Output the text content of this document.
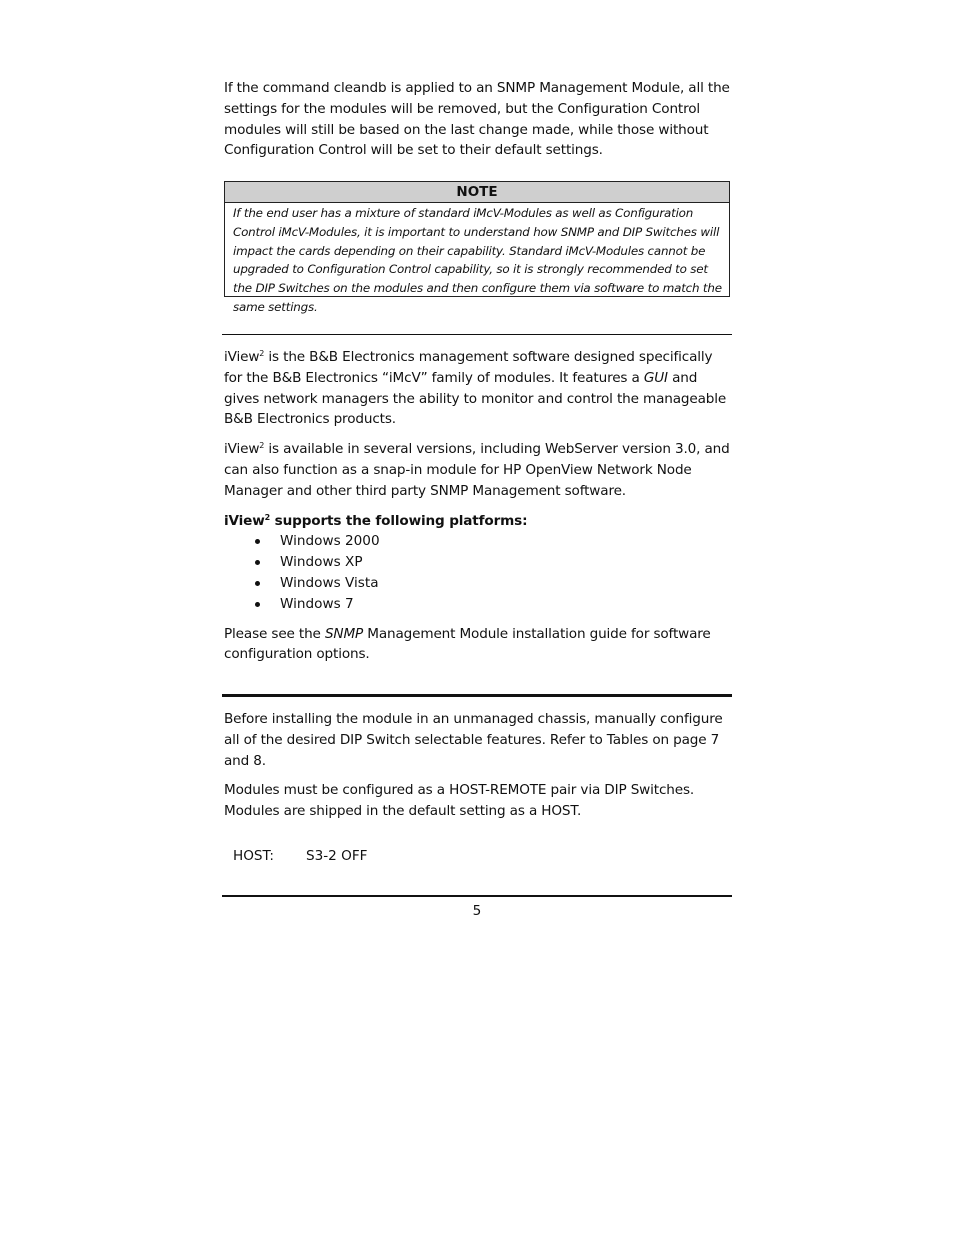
If the command cleandb is applied to an SNMP Management Module, all the settings for the modules will be removed, but the Configuration Control modules will still be based on the last change made, while those without Configuration Control will be set to their default settings.

NOTE
If the end user has a mixture of standard iMcV-Modules as well as Configuration Control iMcV-Modules, it is important to understand how SNMP and DIP Switches will impact the cards depending on their capability. Standard iMcV-Modules cannot be upgraded to Configuration Control capability, so it is strongly recommended to set the DIP Switches on the modules and then configure them via software to match the same settings.

iView$^2$ is the B&B Electronics management software designed specifically for the B&B Electronics “iMcV” family of modules. It features a GUI and gives network managers the ability to monitor and control the manageable B&B Electronics products.

iView$^2$ is available in several versions, including WebServer version 3.0, and can also function as a snap-in module for HP OpenView Network Node Manager and other third party SNMP Management software.

iView$^2$ supports the following platforms:

Windows 2000
Windows XP
Windows Vista
Windows 7

Please see the SNMP Management Module installation guide for software configuration options.

Before installing the module in an unmanaged chassis, manually configure all of the desired DIP Switch selectable features. Refer to Tables on page 7 and 8.

Modules must be configured as a HOST-REMOTE pair via DIP Switches. Modules are shipped in the default setting as a HOST.

HOST: S3-2 OFF
5
